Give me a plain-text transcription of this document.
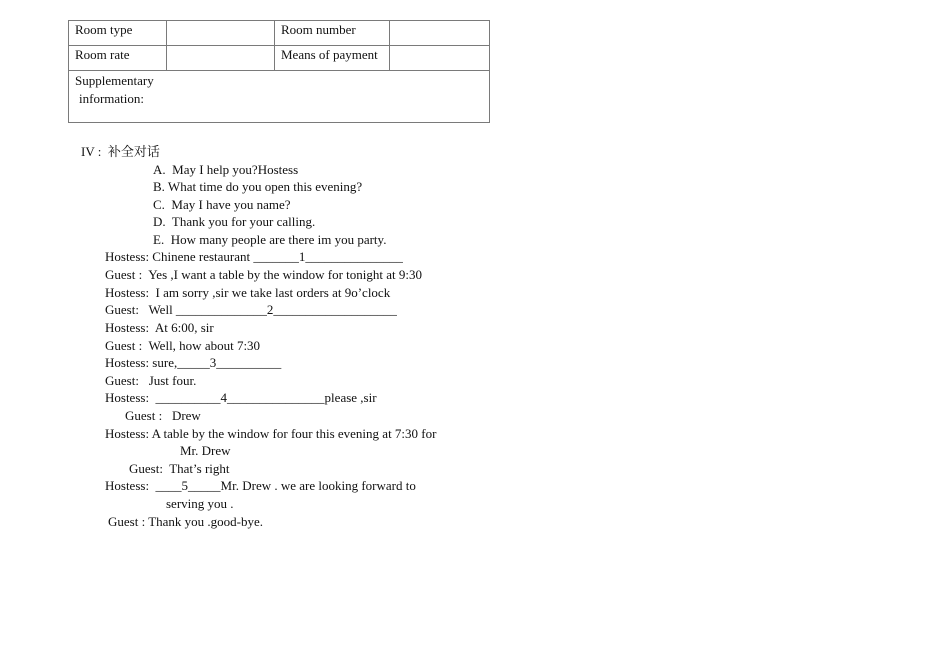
Room type		Room number	
Room rate		Means of payment	
Supplementary
information:			
IV :  补全对话
A.  May I help you?Hostess
B. What time do you open this evening?
C.  May I have you name?
D.  Thank you for your calling.
E.  How many people are there im you party.
Hostess: Chinene restaurant _______1_______________
Guest :  Yes ,I want a table by the window for tonight at 9:30
Hostess:  I am sorry ,sir we take last orders at 9o’clock
Guest:   Well ______________2___________________
Hostess:  At 6:00, sir
Guest :  Well, how about 7:30
Hostess: sure,_____3__________
Guest:   Just four.
Hostess:  __________4_______________please ,sir
Guest :   Drew
Hostess: A table by the window for four this evening at 7:30 for
Mr. Drew
Guest:  That’s right
Hostess:  ____5_____Mr. Drew . we are looking forward to
serving you .
Guest : Thank you .good-bye.
